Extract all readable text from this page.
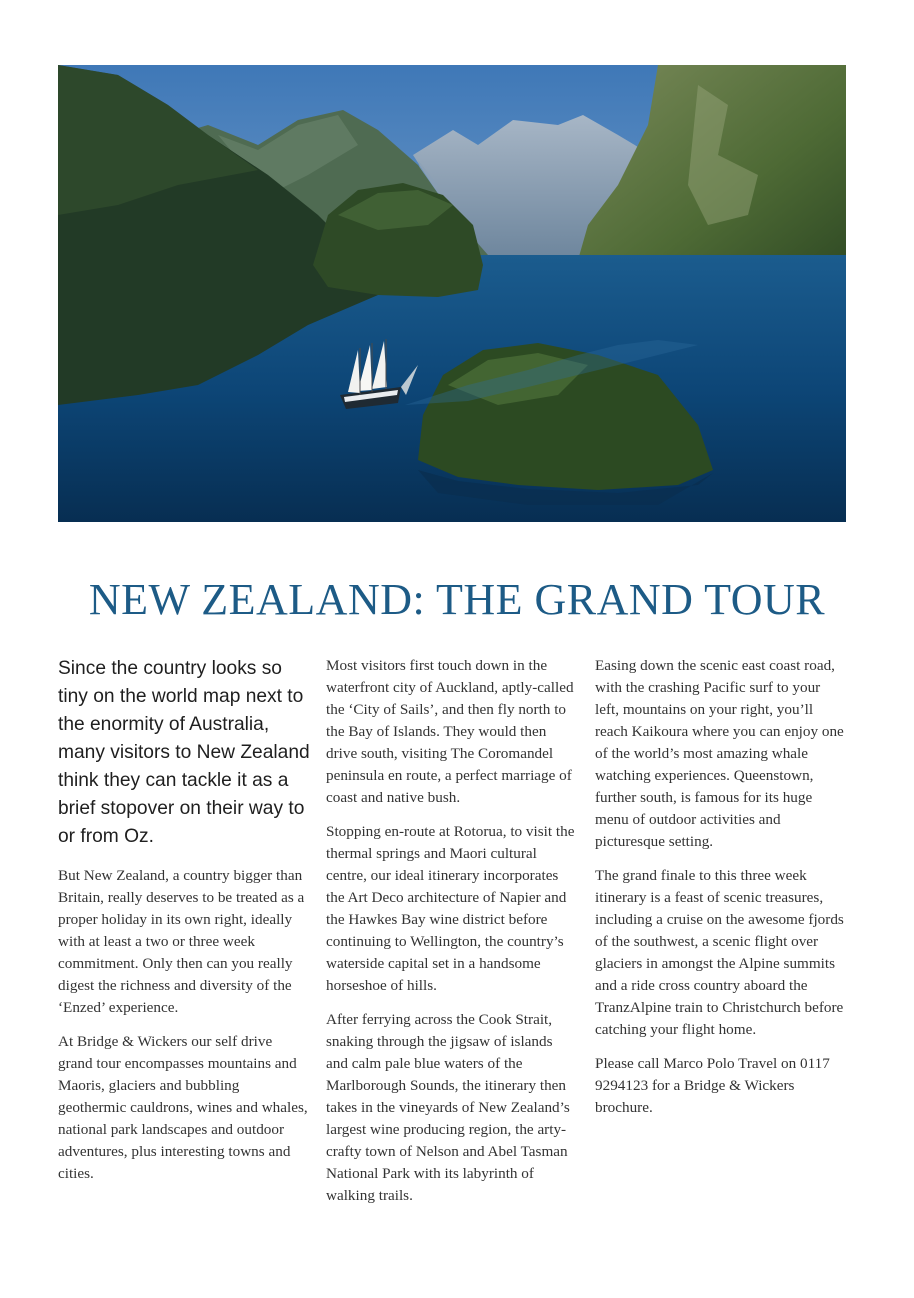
NEW ZEALAND: THE GRAND TOUR

Since the country looks so tiny on the world map next to the enormity of Australia, many visitors to New Zealand think they can tackle it as a brief stopover on their way to or from Oz.

But New Zealand, a country bigger than Britain, really deserves to be treated as a proper holiday in its own right, ideally with at least a two or three week commitment. Only then can you really digest the richness and diversity of the ‘Enzed’ experience.

At Bridge & Wickers our self drive grand tour encompasses mountains and Maoris, glaciers and bubbling geothermic cauldrons, wines and whales, national park landscapes and outdoor adventures, plus interesting towns and cities.

Most visitors first touch down in the waterfront city of Auckland, aptly-called the ‘City of Sails’, and then fly north to the Bay of Islands. They would then drive south, visiting The Coromandel peninsula en route, a perfect marriage of coast and native bush.

Stopping en-route at Rotorua, to visit the thermal springs and Maori cultural centre, our ideal itinerary incorporates the Art Deco architecture of Napier and the Hawkes Bay wine district before continuing to Wellington, the country’s waterside capital set in a handsome horseshoe of hills.

After ferrying across the Cook Strait, snaking through the jigsaw of islands and calm pale blue waters of the Marlborough Sounds, the itinerary then takes in the vineyards of New Zealand’s largest wine producing region, the arty-crafty town of Nelson and Abel Tasman National Park with its labyrinth of walking trails.

Easing down the scenic east coast road, with the crashing Pacific surf to your left, mountains on your right, you’ll reach Kaikoura where you can enjoy one of the world’s most amazing whale watching experiences. Queenstown, further south, is famous for its huge menu of outdoor activities and picturesque setting.

The grand finale to this three week itinerary is a feast of scenic treasures, including a cruise on the awesome fjords of the southwest, a scenic flight over glaciers in amongst the Alpine summits and a ride cross country aboard the TranzAlpine train to Christchurch before catching your flight home.

Please call Marco Polo Travel on 0117 9294123 for a Bridge & Wickers brochure.
